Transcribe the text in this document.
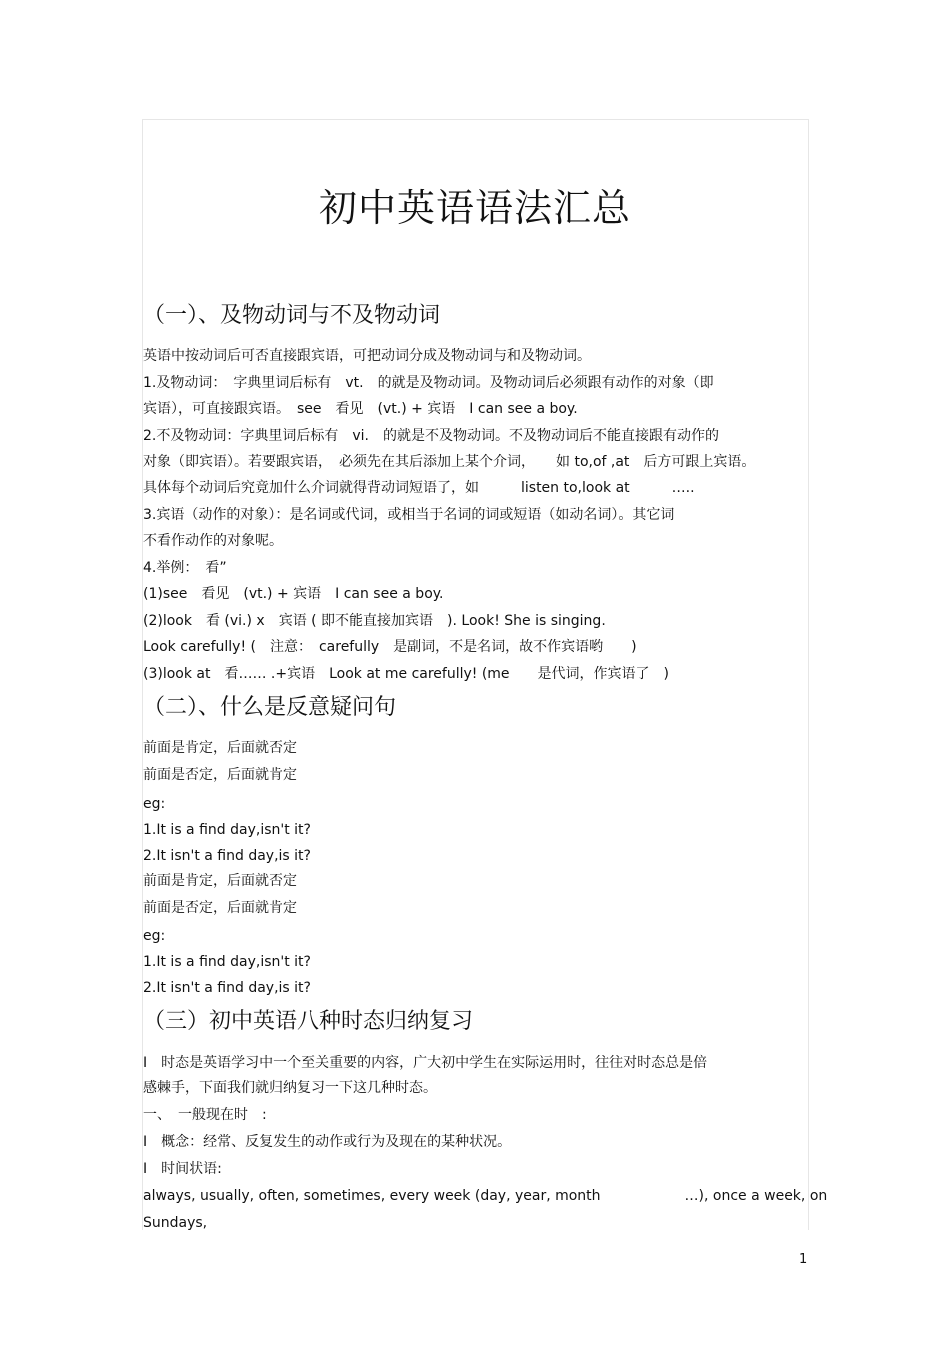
初中英语语法汇总
（一）、及物动词与不及物动词
英语中按动词后可否直接跟宾语，可把动词分成及物动词与和及物动词。
1.及物动词：　字典里词后标有　vt.　的就是及物动词。及物动词后必须跟有动作的对象（即
宾语），可直接跟宾语。　see　看见　(vt.) + 宾语　I can see a boy.
2.不及物动词：字典里词后标有　vi.　的就是不及物动词。不及物动词后不能直接跟有动作的
对象（即宾语）。若要跟宾语，　必须先在其后添加上某个介词，　　如 to,of ,at　后方可跟上宾语。
具体每个动词后究竟加什么介词就得背动词短语了，如　　　listen to,look at　　　…..
3.宾语（动作的对象）：是名词或代词，或相当于名词的词或短语（如动名词）。其它词
不看作动作的对象呢。
4.举例：　看”
(1)see　看见　(vt.) + 宾语　I can see a boy.
(2)look　看 (vi.) x　宾语 ( 即不能直接加宾语　). Look! She is singing.
Look carefully! (　注意：　carefully　是副词，不是名词，故不作宾语哟　　)
(3)look at　看…… .+宾语　Look at me carefully! (me　　是代词，作宾语了　)
（二）、什么是反意疑问句
前面是肯定，后面就否定
前面是否定，后面就肯定
eg:
1.It is a find day,isn't it?
2.It isn't a find day,is it?
前面是肯定，后面就否定
前面是否定，后面就肯定
eg:
1.It is a find day,isn't it?
2.It isn't a find day,is it?
（三）初中英语八种时态归纳复习
I　时态是英语学习中一个至关重要的内容，广大初中学生在实际运用时，往往对时态总是倍
感棘手，下面我们就归纳复习一下这几种时态。
一、　一般现在时　:
I　概念：经常、反复发生的动作或行为及现在的某种状况。
I　时间状语:
always, usually, often, sometimes, every week (day, year, month　　　　　　…), once a week, on
Sundays,
1
